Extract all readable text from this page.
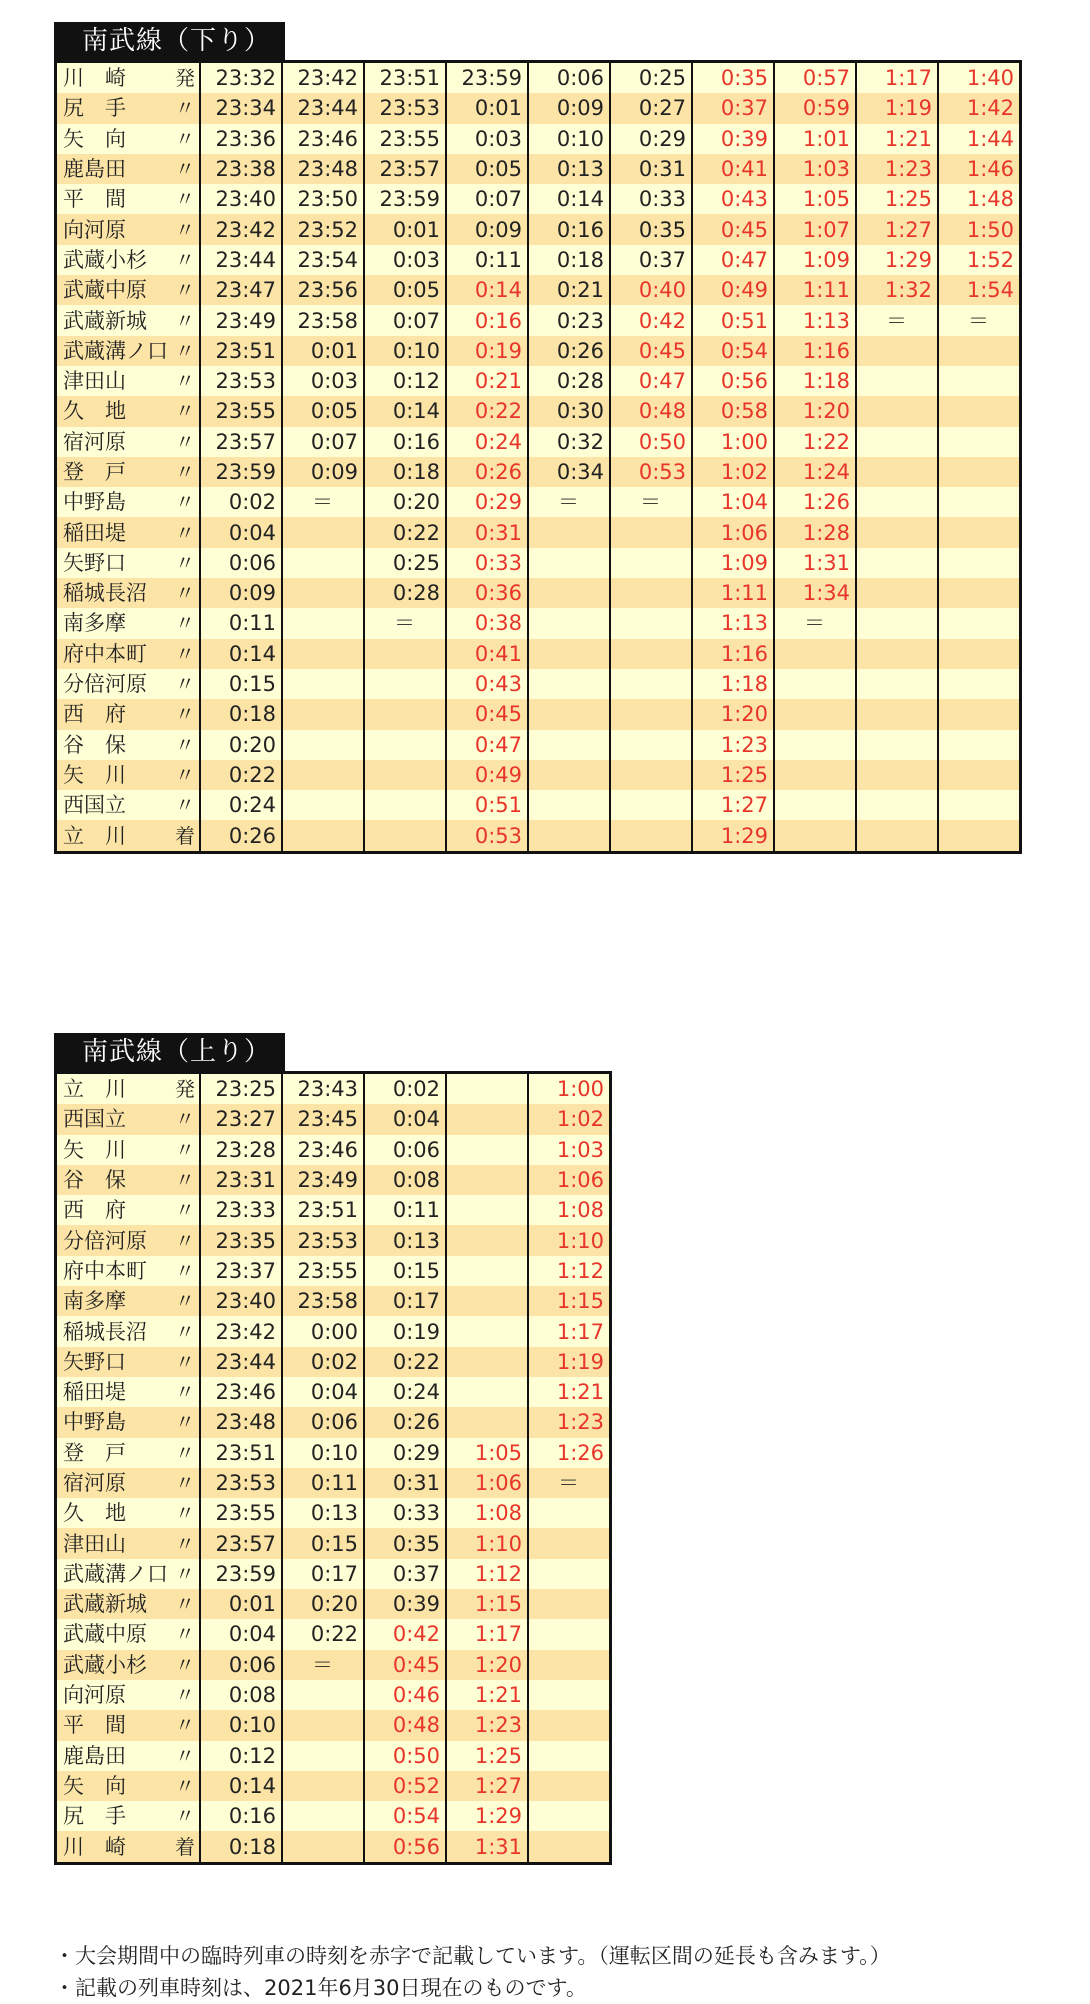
南武線（下り）
川　崎 発	23:32	23:42	23:51	23:59	0:06	0:25	0:35	0:57	1:17	1:40

尻　手 〃	23:34	23:44	23:53	0:01	0:09	0:27	0:37	0:59	1:19	1:42

矢　向 〃	23:36	23:46	23:55	0:03	0:10	0:29	0:39	1:01	1:21	1:44

鹿島田 〃	23:38	23:48	23:57	0:05	0:13	0:31	0:41	1:03	1:23	1:46

平　間 〃	23:40	23:50	23:59	0:07	0:14	0:33	0:43	1:05	1:25	1:48

向河原 〃	23:42	23:52	0:01	0:09	0:16	0:35	0:45	1:07	1:27	1:50

武蔵小杉 〃	23:44	23:54	0:03	0:11	0:18	0:37	0:47	1:09	1:29	1:52

武蔵中原 〃	23:47	23:56	0:05	0:14	0:21	0:40	0:49	1:11	1:32	1:54

武蔵新城 〃	23:49	23:58	0:07	0:16	0:23	0:42	0:51	1:13	＝	＝

武蔵溝ノ口 〃	23:51	0:01	0:10	0:19	0:26	0:45	0:54	1:16		

津田山 〃	23:53	0:03	0:12	0:21	0:28	0:47	0:56	1:18		

久　地 〃	23:55	0:05	0:14	0:22	0:30	0:48	0:58	1:20		

宿河原 〃	23:57	0:07	0:16	0:24	0:32	0:50	1:00	1:22		

登　戸 〃	23:59	0:09	0:18	0:26	0:34	0:53	1:02	1:24		

中野島 〃	0:02	＝	0:20	0:29	＝	＝	1:04	1:26		

稲田堤 〃	0:04		0:22	0:31			1:06	1:28		

矢野口 〃	0:06		0:25	0:33			1:09	1:31		

稲城長沼 〃	0:09		0:28	0:36			1:11	1:34		

南多摩 〃	0:11		＝	0:38			1:13	＝		

府中本町 〃	0:14			0:41			1:16			

分倍河原 〃	0:15			0:43			1:18			

西　府 〃	0:18			0:45			1:20			

谷　保 〃	0:20			0:47			1:23			

矢　川 〃	0:22			0:49			1:25			

西国立 〃	0:24			0:51			1:27			

立　川 着	0:26			0:53			1:29			
南武線（上り）
立　川 発	23:25	23:43	0:02		1:00

西国立 〃	23:27	23:45	0:04		1:02

矢　川 〃	23:28	23:46	0:06		1:03

谷　保 〃	23:31	23:49	0:08		1:06

西　府 〃	23:33	23:51	0:11		1:08

分倍河原 〃	23:35	23:53	0:13		1:10

府中本町 〃	23:37	23:55	0:15		1:12

南多摩 〃	23:40	23:58	0:17		1:15

稲城長沼 〃	23:42	0:00	0:19		1:17

矢野口 〃	23:44	0:02	0:22		1:19

稲田堤 〃	23:46	0:04	0:24		1:21

中野島 〃	23:48	0:06	0:26		1:23

登　戸 〃	23:51	0:10	0:29	1:05	1:26

宿河原 〃	23:53	0:11	0:31	1:06	＝

久　地 〃	23:55	0:13	0:33	1:08	

津田山 〃	23:57	0:15	0:35	1:10	

武蔵溝ノ口 〃	23:59	0:17	0:37	1:12	

武蔵新城 〃	0:01	0:20	0:39	1:15	

武蔵中原 〃	0:04	0:22	0:42	1:17	

武蔵小杉 〃	0:06	＝	0:45	1:20	

向河原 〃	0:08		0:46	1:21	

平　間 〃	0:10		0:48	1:23	

鹿島田 〃	0:12		0:50	1:25	

矢　向 〃	0:14		0:52	1:27	

尻　手 〃	0:16		0:54	1:29	

川　崎 着	0:18		0:56	1:31	
・大会期間中の臨時列車の時刻を赤字で記載しています。（運転区間の延長も含みます。）
・記載の列車時刻は、2021年6月30日現在のものです。
